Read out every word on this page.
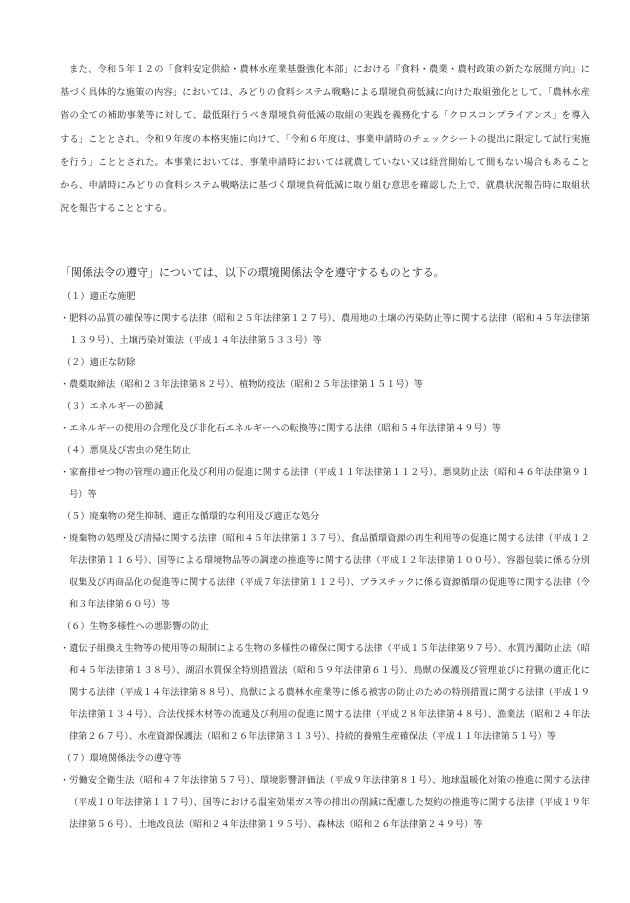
また、令和５年１２の「食料安定供給・農林水産業基盤強化本部」における『食料・農業・農村政策の新たな展開方向』に基づく具体的な施策の内容」においては、みどりの食料システム戦略による環境負荷低減に向けた取組強化として、「農林水産省の全ての補助事業等に対して、最低限行うべき環境負荷低減の取組の実践を義務化する「クロスコンプライアンス」を導入する」こととされ、令和９年度の本格実施に向けて、「令和６年度は、事業申請時のチェックシートの提出に限定して試行実施を行う」こととされた。本事業においては、事業申請時においては就農していない又は経営開始して間もない場合もあることから、申請時にみどりの食料システム戦略法に基づく環境負荷低減に取り組む意思を確認した上で、就農状況報告時に取組状況を報告することとする。

「関係法令の遵守」については、以下の環境関係法令を遵守するものとする。
（１）適正な施肥
・肥料の品質の確保等に関する法律（昭和２５年法律第１２７号）、農用地の土壌の汚染防止等に関する法律（昭和４５年法律第１３９号）、土壌汚染対策法（平成１４年法律第５３３号）等
（２）適正な防除
・農薬取締法（昭和２３年法律第８２号）、植物防疫法（昭和２５年法律第１５１号）等
（３）エネルギーの節減
・エネルギーの使用の合理化及び非化石エネルギーへの転換等に関する法律（昭和５４年法律第４９号）等
（４）悪臭及び害虫の発生防止
・家畜排せつ物の管理の適正化及び利用の促進に関する法律（平成１１年法律第１１２号）、悪臭防止法（昭和４６年法律第９１号）等
（５）廃棄物の発生抑制、適正な循環的な利用及び適正な処分
・廃棄物の処理及び清掃に関する法律（昭和４５年法律第１３７号）、食品循環資源の再生利用等の促進に関する法律（平成１２年法律第１１６号）、国等による環境物品等の調達の推進等に関する法律（平成１２年法律第１００号）、容器包装に係る分別収集及び再商品化の促進等に関する法律（平成７年法律第１１２号）、プラスチックに係る資源循環の促進等に関する法律（令和３年法律第６０号）等
（６）生物多様性への悪影響の防止
・遺伝子組換え生物等の使用等の規制による生物の多様性の確保に関する法律（平成１５年法律第９７号）、水質汚濁防止法（昭和４５年法律第１３８号）、湖沼水質保全特別措置法（昭和５９年法律第６１号）、鳥獣の保護及び管理並びに狩猟の適正化に関する法律（平成１４年法律第８８号）、鳥獣による農林水産業等に係る被害の防止のための特別措置に関する法律（平成１９年法律第１３４号）、合法伐採木材等の流通及び利用の促進に関する法律（平成２８年法律第４８号）、漁業法（昭和２４年法律第２６７号）、水産資源保護法（昭和２６年法律第３１３号）、持続的養殖生産確保法（平成１１年法律第５１号）等
（７）環境関係法令の遵守等
・労働安全衛生法（昭和４７年法律第５７号）、環境影響評価法（平成９年法律第８１号）、地球温暖化対策の推進に関する法律（平成１０年法律第１１７号）、国等における温室効果ガス等の排出の削減に配慮した契約の推進等に関する法律（平成１９年法律第５６号）、土地改良法（昭和２４年法律第１９５号）、森林法（昭和２６年法律第２４９号）等
